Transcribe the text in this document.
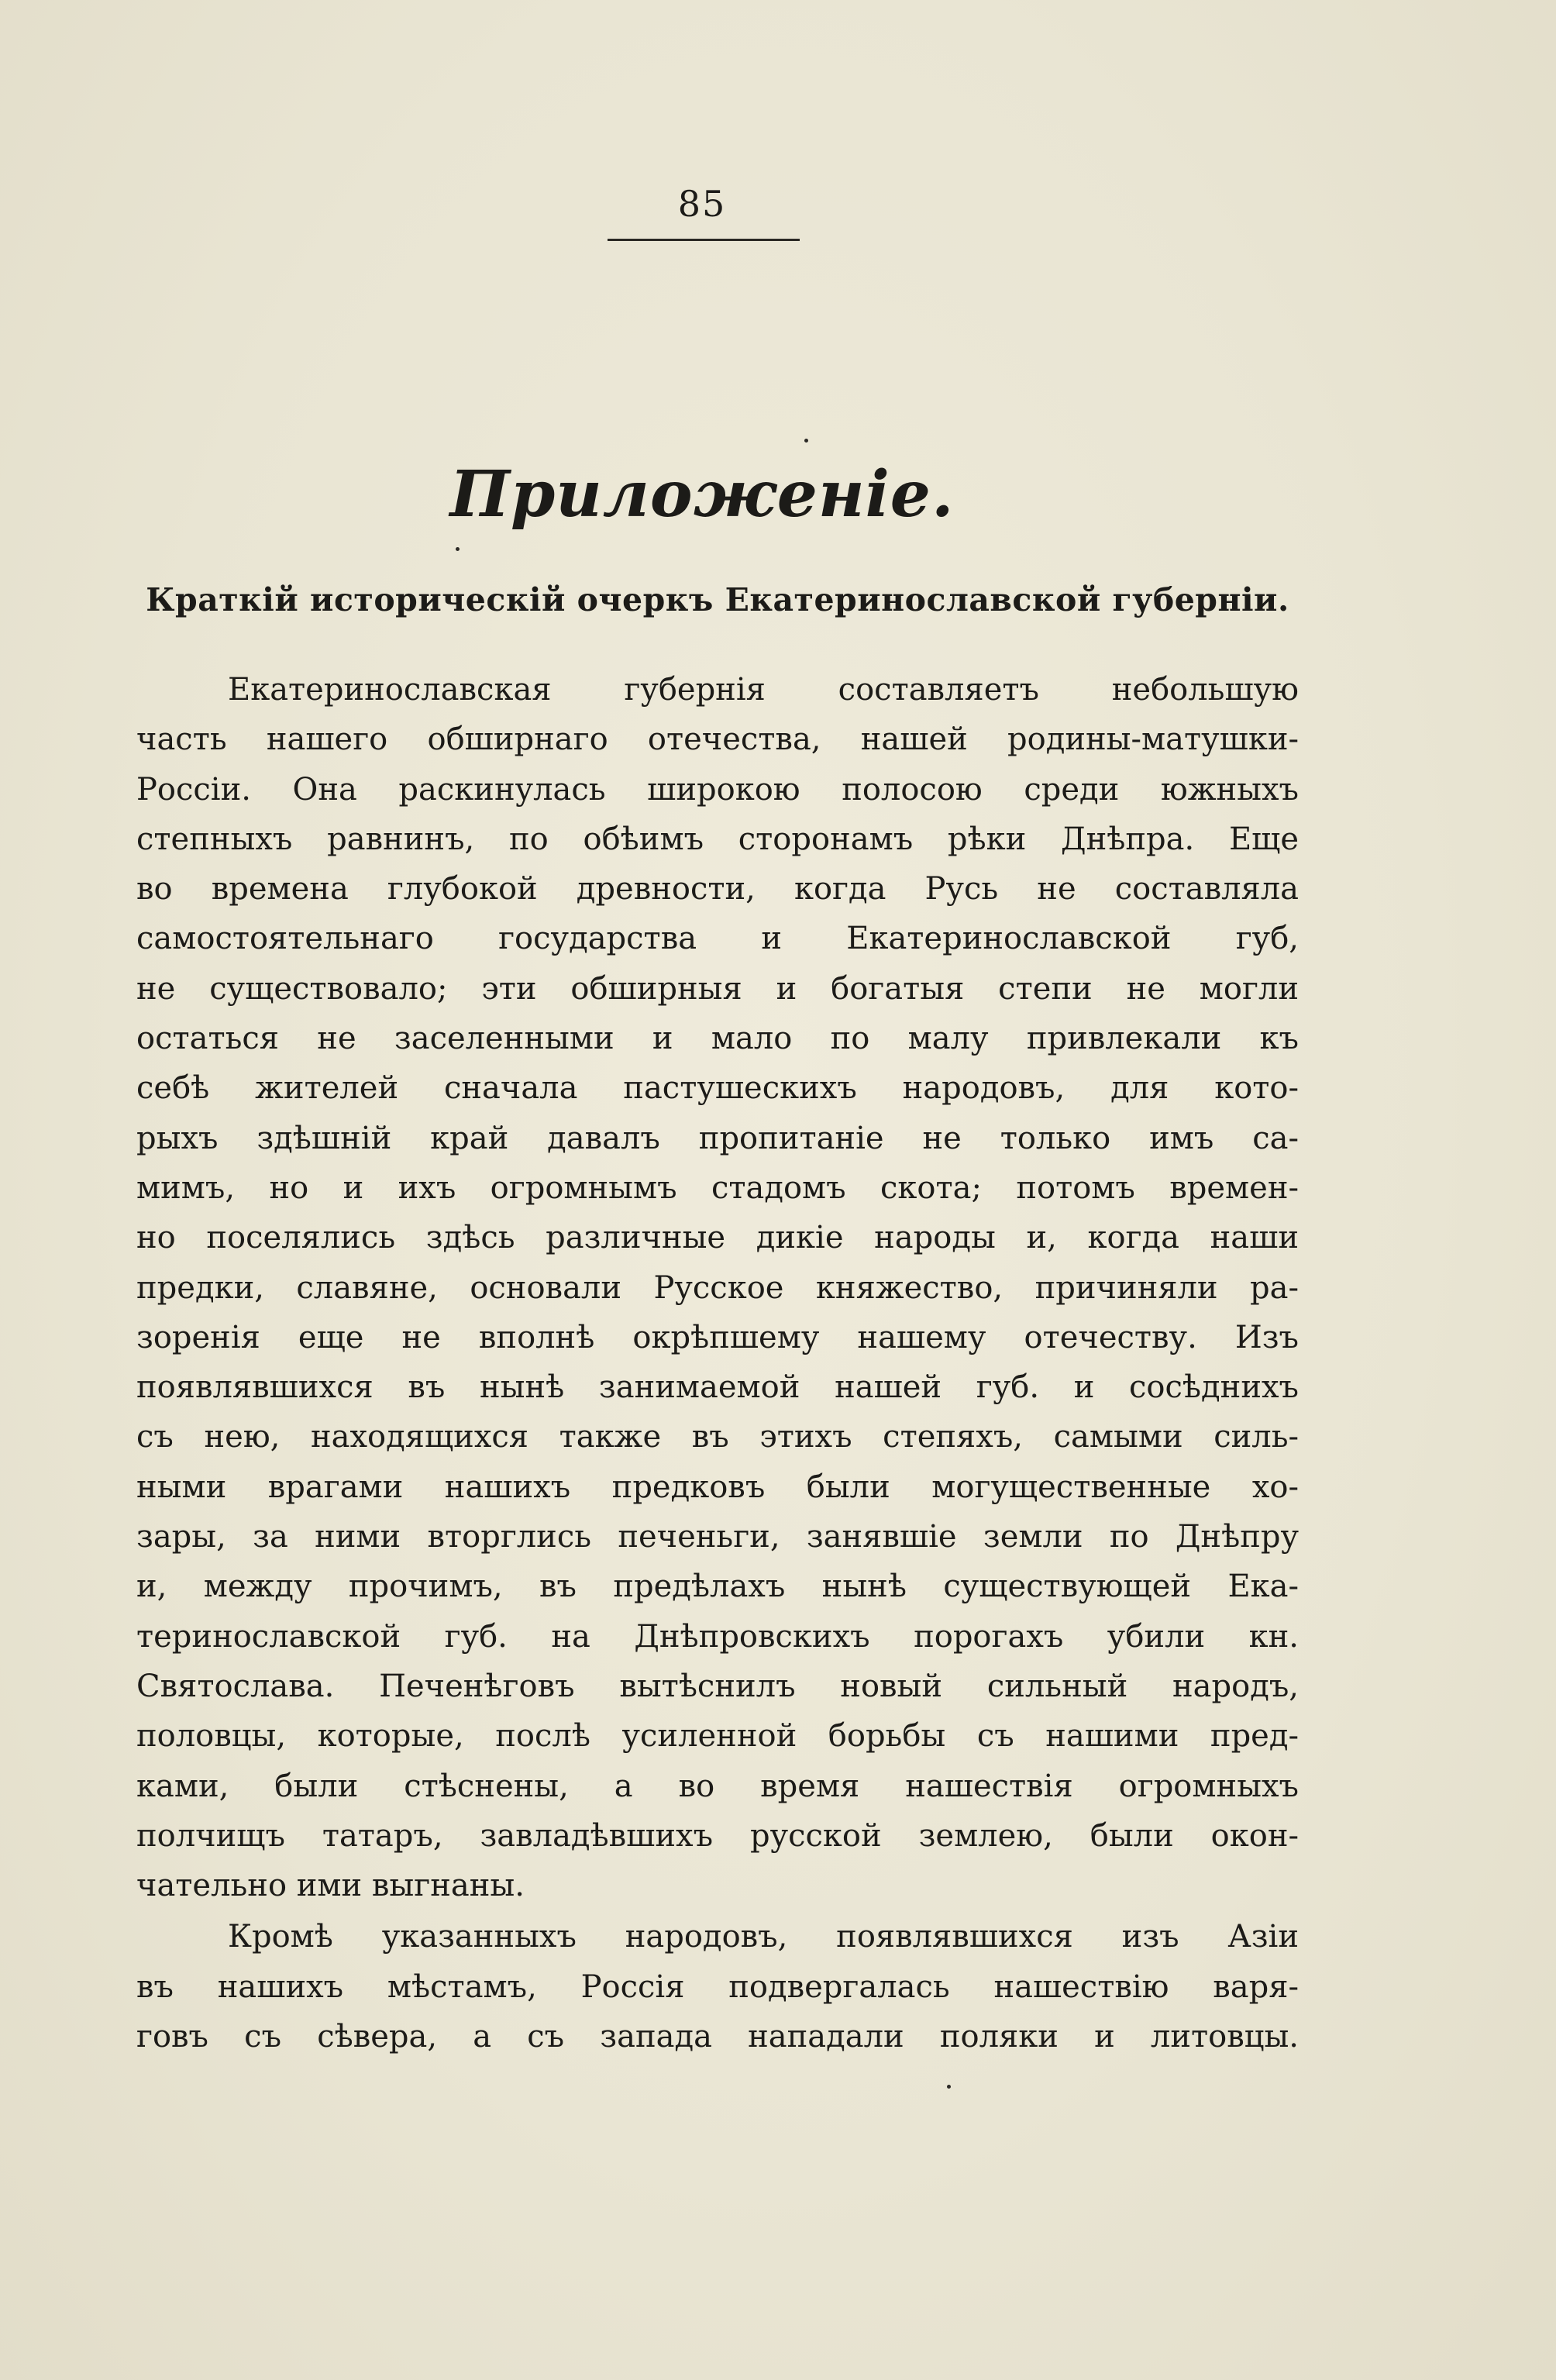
85
Приложеніе.
Краткій историческій очеркъ Екатеринославской губерніи.
Екатеринославская губернія составляетъ небольшую
часть нашего обширнаго отечества, нашей родины-матушки-
Россіи. Она раскинулась широкою полосою среди южныхъ
степныхъ равнинъ, по обѣимъ сторонамъ рѣки Днѣпра. Еще
во времена глубокой древности, когда Русь не составляла
самостоятельнаго государства и Екатеринославской губ,
не существовало; эти обширныя и богатыя степи не могли
остаться не заселенными и мало по малу привлекали къ
себѣ жителей сначала пастушескихъ народовъ, для кото-
рыхъ здѣшній край давалъ пропитаніе не только имъ са-
мимъ, но и ихъ огромнымъ стадомъ скота; потомъ времен-
но поселялись здѣсь различные дикіе народы и, когда наши
предки, славяне, основали Русское княжество, причиняли ра-
зоренія еще не вполнѣ окрѣпшему нашему отечеству. Изъ
появлявшихся въ нынѣ занимаемой нашей губ. и сосѣднихъ
съ нею, находящихся также въ этихъ степяхъ, самыми силь-
ными врагами нашихъ предковъ были могущественные хо-
зары, за ними вторглись печеньги, занявшіе земли по Днѣпру
и, между прочимъ, въ предѣлахъ нынѣ существующей Ека-
теринославской губ. на Днѣпровскихъ порогахъ убили кн.
Святослава. Печенѣговъ вытѣснилъ новый сильный народъ,
половцы, которые, послѣ усиленной борьбы съ нашими пред-
ками, были стѣснены, а во время нашествія огромныхъ
полчищъ татаръ, завладѣвшихъ русской землею, были окон-
чательно ими выгнаны.
Кромѣ указанныхъ народовъ, появлявшихся изъ Азіи
въ нашихъ мѣстамъ, Россія подвергалась нашествію варя-
говъ съ сѣвера, а съ запада нападали поляки и литовцы.
